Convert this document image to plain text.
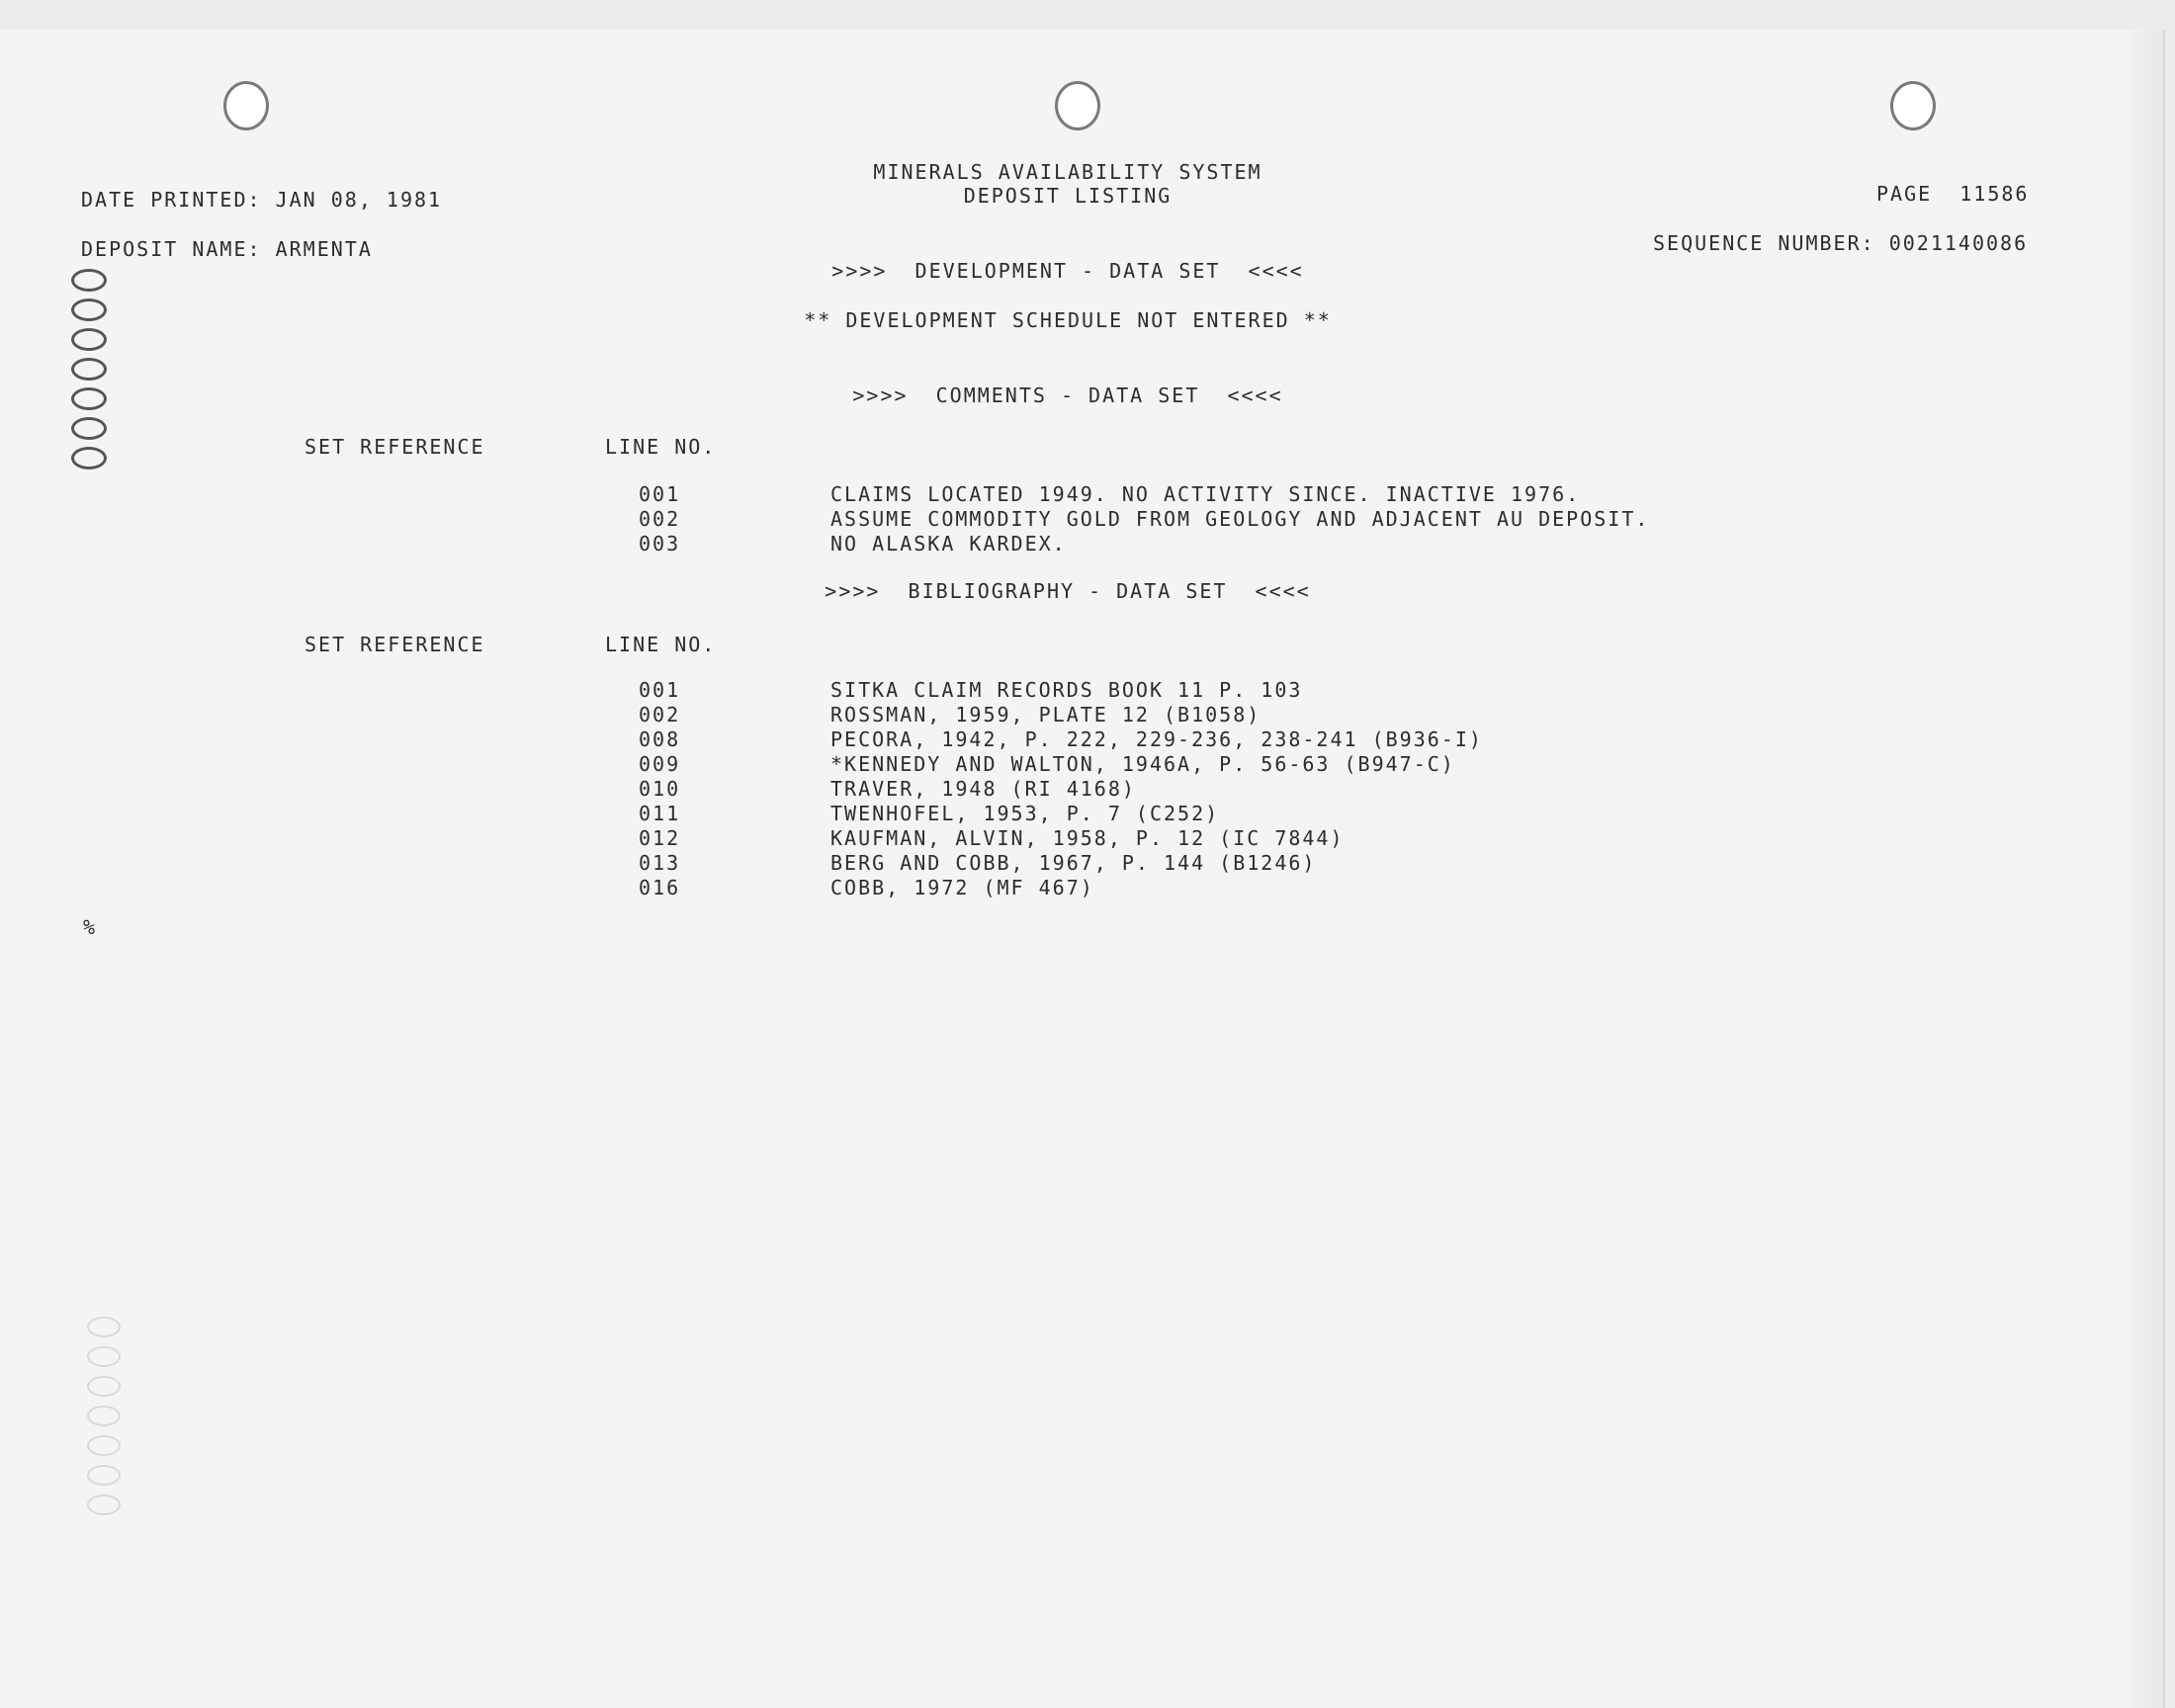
MINERALS AVAILABILITY SYSTEM
DEPOSIT LISTING
DATE PRINTED: JAN 08, 1981	PAGE  11586
DEPOSIT NAME: ARMENTA	SEQUENCE NUMBER: 0021140086
>>>>  DEVELOPMENT - DATA SET  <<<<
** DEVELOPMENT SCHEDULE NOT ENTERED **
>>>>  COMMENTS - DATA SET  <<<<
SET REFERENCE	LINE NO.
001	CLAIMS LOCATED 1949. NO ACTIVITY SINCE. INACTIVE 1976.
002	ASSUME COMMODITY GOLD FROM GEOLOGY AND ADJACENT AU DEPOSIT.
003	NO ALASKA KARDEX.
>>>>  BIBLIOGRAPHY - DATA SET  <<<<
SET REFERENCE	LINE NO.
001	SITKA CLAIM RECORDS BOOK 11 P. 103
002	ROSSMAN, 1959, PLATE 12 (B1058)
008	PECORA, 1942, P. 222, 229-236, 238-241 (B936-I)
009	*KENNEDY AND WALTON, 1946A, P. 56-63 (B947-C)
010	TRAVER, 1948 (RI 4168)
011	TWENHOFEL, 1953, P. 7 (C252)
012	KAUFMAN, ALVIN, 1958, P. 12 (IC 7844)
013	BERG AND COBB, 1967, P. 144 (B1246)
016	COBB, 1972 (MF 467)
%
